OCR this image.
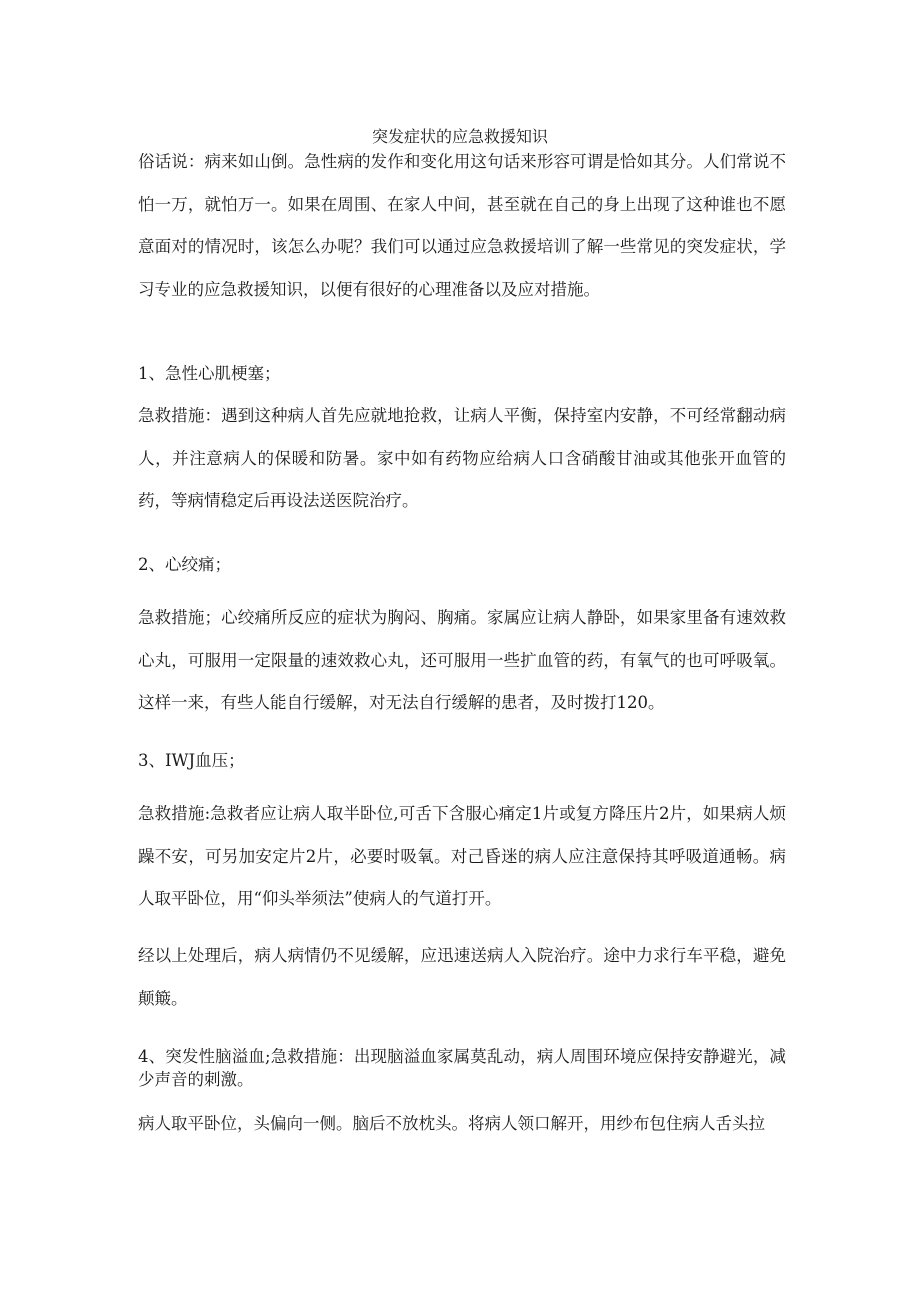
突发症状的应急救援知识

俗话说：病来如山倒。急性病的发作和变化用这句话来形容可谓是恰如其分。人们常说不怕一万，就怕万一。如果在周围、在家人中间，甚至就在自己的身上出现了这种谁也不愿意面对的情况时，该怎么办呢？我们可以通过应急救援培训了解一些常见的突发症状，学习专业的应急救援知识，以便有很好的心理准备以及应对措施。

1、急性心肌梗塞；

急救措施：遇到这种病人首先应就地抢救，让病人平衡，保持室内安静，不可经常翻动病人，并注意病人的保暖和防暑。家中如有药物应给病人口含硝酸甘油或其他张开血管的药，等病情稳定后再设法送医院治疗。

2、心绞痛；

急救措施；心绞痛所反应的症状为胸闷、胸痛。家属应让病人静卧，如果家里备有速效救心丸，可服用一定限量的速效救心丸，还可服用一些扩血管的药，有氧气的也可呼吸氧。这样一来，有些人能自行缓解，对无法自行缓解的患者，及时拨打120。

3、IWJ血压；

急救措施:急救者应让病人取半卧位,可舌下含服心痛定1片或复方降压片2片，如果病人烦躁不安，可另加安定片2片，必要时吸氧。对己昏迷的病人应注意保持其呼吸道通畅。病人取平卧位，用“仰头举须法”使病人的气道打开。

经以上处理后，病人病情仍不见缓解，应迅速送病人入院治疗。途中力求行车平稳，避免颠簸。

4、突发性脑溢血;急救措施：出现脑溢血家属莫乱动，病人周围环境应保持安静避光，减少声音的刺激。

病人取平卧位，头偏向一侧。脑后不放枕头。将病人领口解开，用纱布包住病人舌头拉
